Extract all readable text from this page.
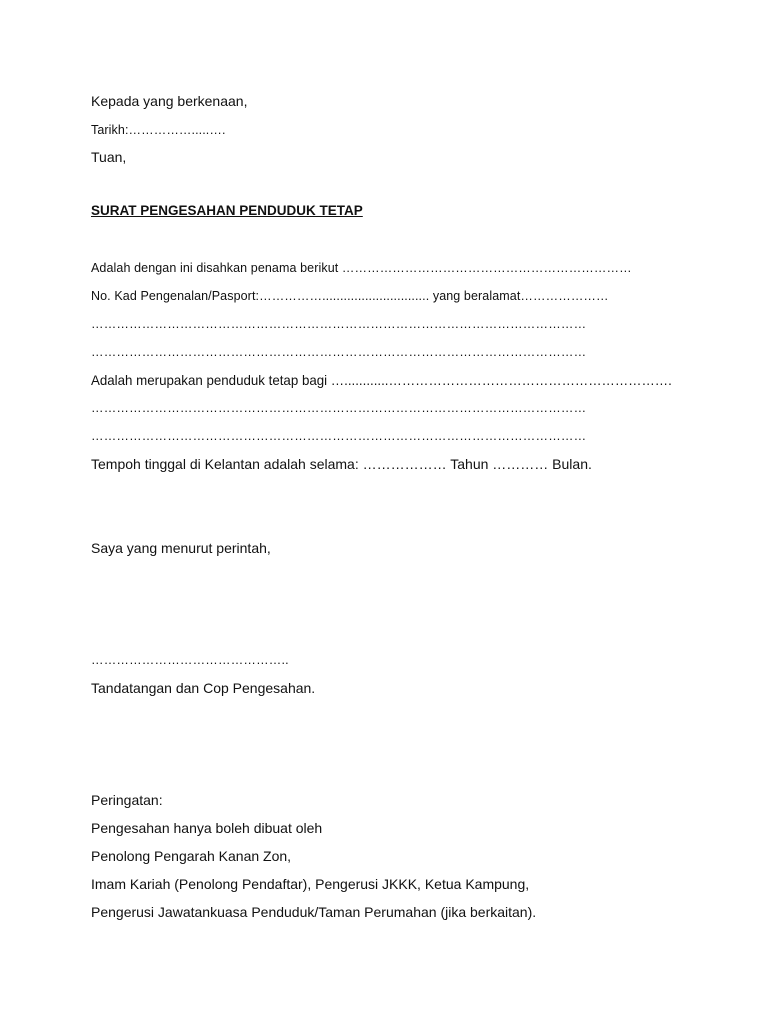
Kepada yang berkenaan,
Tarikh:…………….....….
Tuan,
SURAT PENGESAHAN PENDUDUK TETAP
Adalah dengan ini disahkan penama berikut ……………………………………………………………
No. Kad Pengenalan/Pasport:…………….............................. yang beralamat…………………
………………………………………………………………………………………………………
………………………………………………………………………………………………………
Adalah merupakan penduduk tetap bagi …............……………………………………………………….
………………………………………………………………………………………………………
………………………………………………………………………………………………………
Tempoh tinggal di Kelantan adalah selama: ……………… Tahun ………… Bulan.
Saya yang menurut perintah,
………………………………………..
Tandatangan dan Cop Pengesahan.
Peringatan:
Pengesahan hanya boleh dibuat oleh
Penolong Pengarah Kanan Zon,
Imam Kariah (Penolong Pendaftar), Pengerusi JKKK, Ketua Kampung,
Pengerusi Jawatankuasa Penduduk/Taman Perumahan (jika berkaitan).
